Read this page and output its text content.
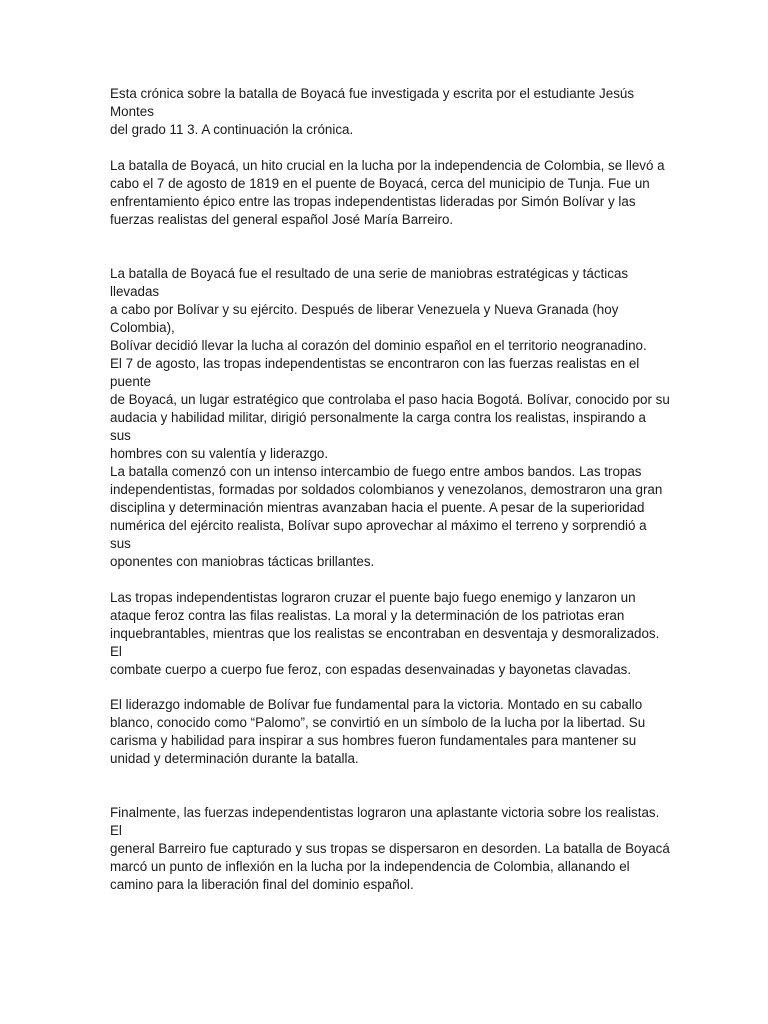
Esta crónica sobre la batalla de Boyacá fue investigada y escrita por el estudiante Jesús Montes
del grado 11 3. A continuación la crónica.

La batalla de Boyacá, un hito crucial en la lucha por la independencia de Colombia, se llevó a
cabo el 7 de agosto de 1819 en el puente de Boyacá, cerca del municipio de Tunja. Fue un
enfrentamiento épico entre las tropas independentistas lideradas por Simón Bolívar y las
fuerzas realistas del general español José María Barreiro.

La batalla de Boyacá fue el resultado de una serie de maniobras estratégicas y tácticas llevadas
a cabo por Bolívar y su ejército. Después de liberar Venezuela y Nueva Granada (hoy Colombia),
Bolívar decidió llevar la lucha al corazón del dominio español en el territorio neogranadino.

El 7 de agosto, las tropas independentistas se encontraron con las fuerzas realistas en el puente
de Boyacá, un lugar estratégico que controlaba el paso hacia Bogotá. Bolívar, conocido por su
audacia y habilidad militar, dirigió personalmente la carga contra los realistas, inspirando a sus
hombres con su valentía y liderazgo.

La batalla comenzó con un intenso intercambio de fuego entre ambos bandos. Las tropas
independentistas, formadas por soldados colombianos y venezolanos, demostraron una gran
disciplina y determinación mientras avanzaban hacia el puente. A pesar de la superioridad
numérica del ejército realista, Bolívar supo aprovechar al máximo el terreno y sorprendió a sus
oponentes con maniobras tácticas brillantes.

Las tropas independentistas lograron cruzar el puente bajo fuego enemigo y lanzaron un
ataque feroz contra las filas realistas. La moral y la determinación de los patriotas eran
inquebrantables, mientras que los realistas se encontraban en desventaja y desmoralizados. El
combate cuerpo a cuerpo fue feroz, con espadas desenvainadas y bayonetas clavadas.

El liderazgo indomable de Bolívar fue fundamental para la victoria. Montado en su caballo
blanco, conocido como “Palomo”, se convirtió en un símbolo de la lucha por la libertad. Su
carisma y habilidad para inspirar a sus hombres fueron fundamentales para mantener su
unidad y determinación durante la batalla.

Finalmente, las fuerzas independentistas lograron una aplastante victoria sobre los realistas. El
general Barreiro fue capturado y sus tropas se dispersaron en desorden. La batalla de Boyacá
marcó un punto de inflexión en la lucha por la independencia de Colombia, allanando el
camino para la liberación final del dominio español.
